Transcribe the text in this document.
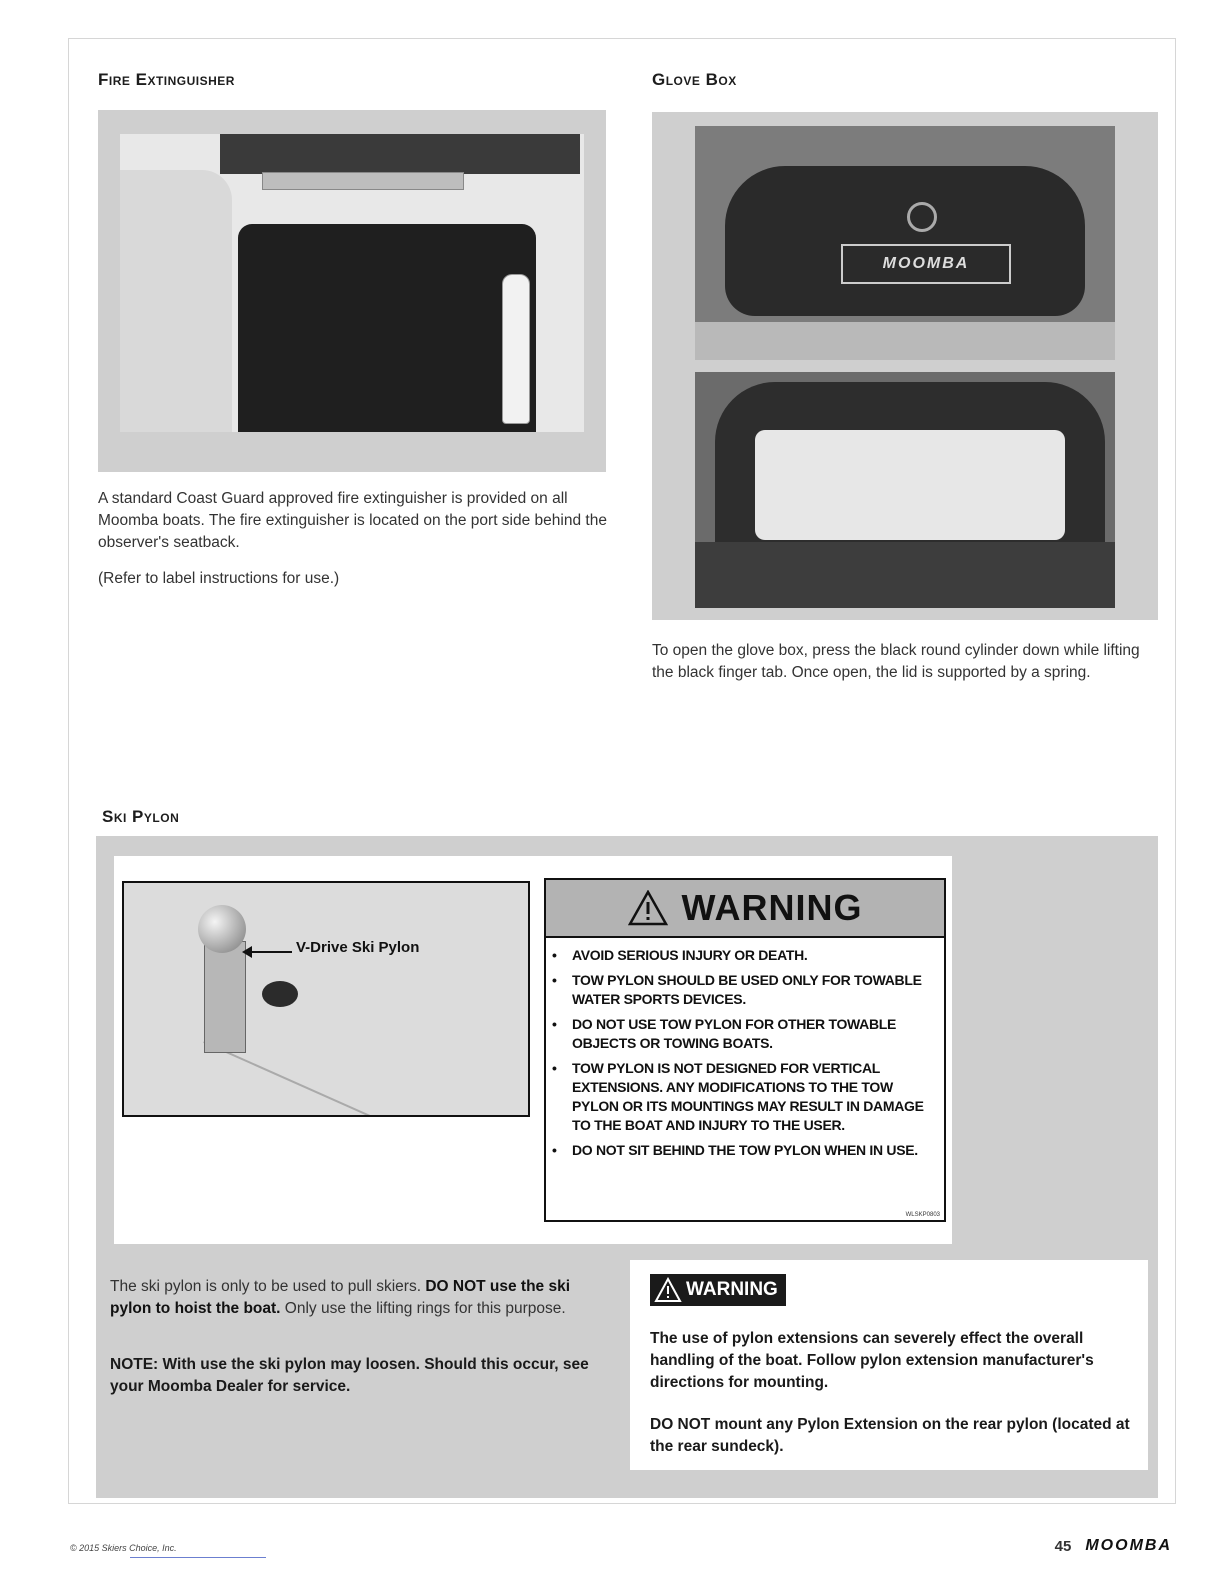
Fire Extinguisher

A standard Coast Guard approved fire extinguisher is provided on all Moomba boats. The fire extinguisher is located on the port side behind the observer's seatback.

(Refer to label instructions for use.)

Glove Box
MOOMBA

To open the glove box, press the black round cylinder down while lifting the black finger tab. Once open, the lid is supported by a spring.

Ski Pylon
V-Drive Ski Pylon
WARNING
• AVOID SERIOUS INJURY OR DEATH.
• TOW PYLON SHOULD BE USED ONLY FOR TOWABLE WATER SPORTS DEVICES.
• DO NOT USE TOW PYLON FOR OTHER TOWABLE OBJECTS OR TOWING BOATS.
• TOW PYLON IS NOT DESIGNED FOR VERTICAL EXTENSIONS. ANY MODIFICATIONS TO THE TOW PYLON OR ITS MOUNTINGS MAY RESULT IN DAMAGE TO THE BOAT AND INJURY TO THE USER.
• DO NOT SIT BEHIND THE TOW PYLON WHEN IN USE.
WLSKP0803

The ski pylon is only to be used to pull skiers. DO NOT use the ski pylon to hoist the boat. Only use the lifting rings for this purpose.

NOTE: With use the ski pylon may loosen. Should this occur, see your Moomba Dealer for service.

WARNING

The use of pylon extensions can severely effect the overall handling of the boat. Follow pylon extension manufacturer's directions for mounting.

DO NOT mount any Pylon Extension on the rear pylon (located at the rear sundeck).

© 2015 Skiers Choice, Inc.	45 MOOMBA
